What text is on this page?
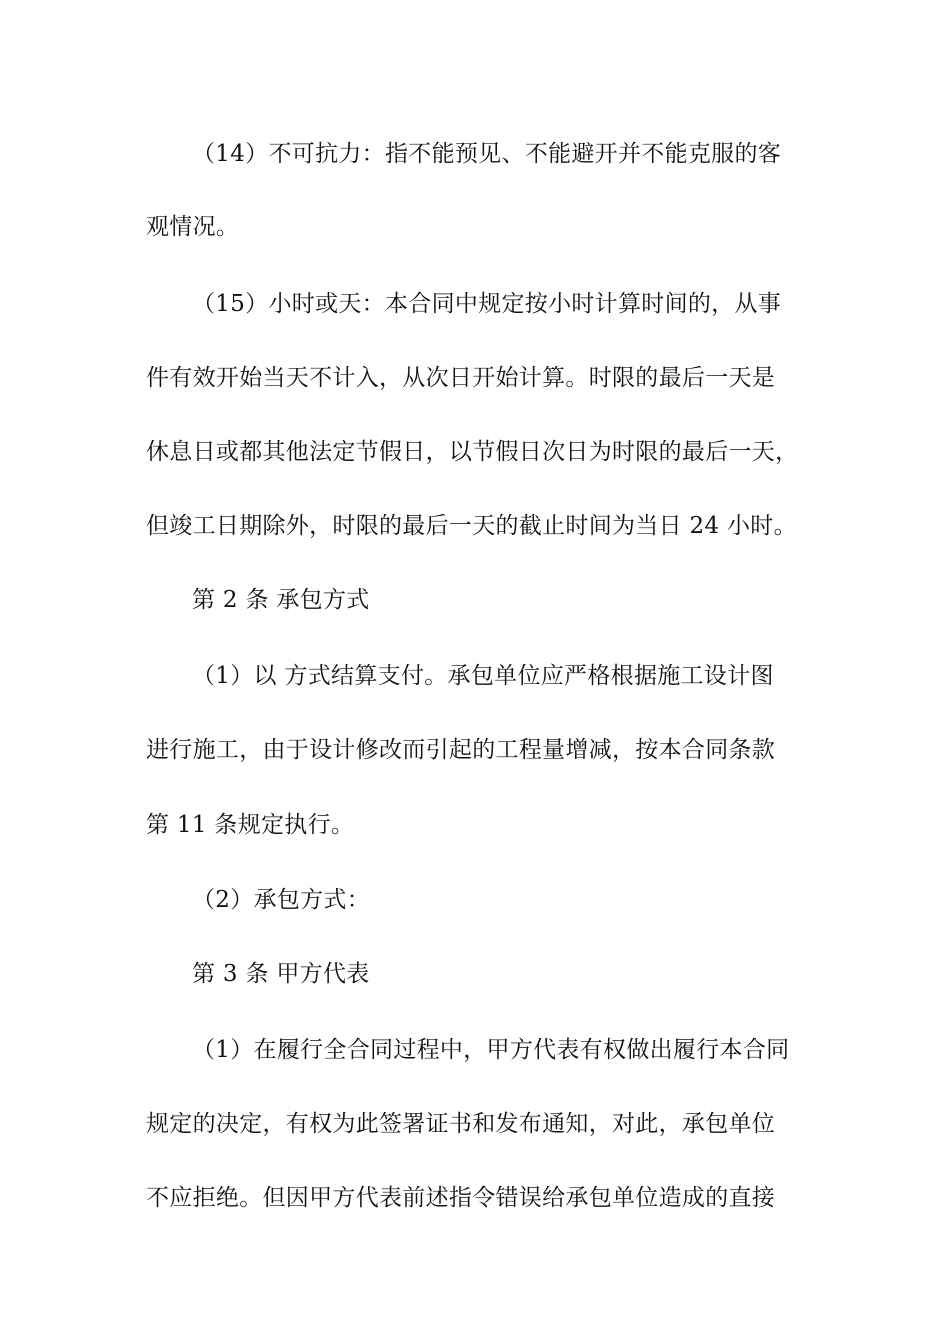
（14）不可抗力：指不能预见、不能避开并不能克服的客
观情况。
（15）小时或天：本合同中规定按小时计算时间的，从事
件有效开始当天不计入，从次日开始计算。时限的最后一天是
休息日或都其他法定节假日，以节假日次日为时限的最后一天，
但竣工日期除外，时限的最后一天的截止时间为当日 24 小时。
第 2 条 承包方式
（1）以 方式结算支付。承包单位应严格根据施工设计图
进行施工，由于设计修改而引起的工程量增减，按本合同条款
第 11 条规定执行。
（2）承包方式：
第 3 条 甲方代表
（1）在履行全合同过程中，甲方代表有权做出履行本合同
规定的决定，有权为此签署证书和发布通知，对此，承包单位
不应拒绝。但因甲方代表前述指令错误给承包单位造成的直接
